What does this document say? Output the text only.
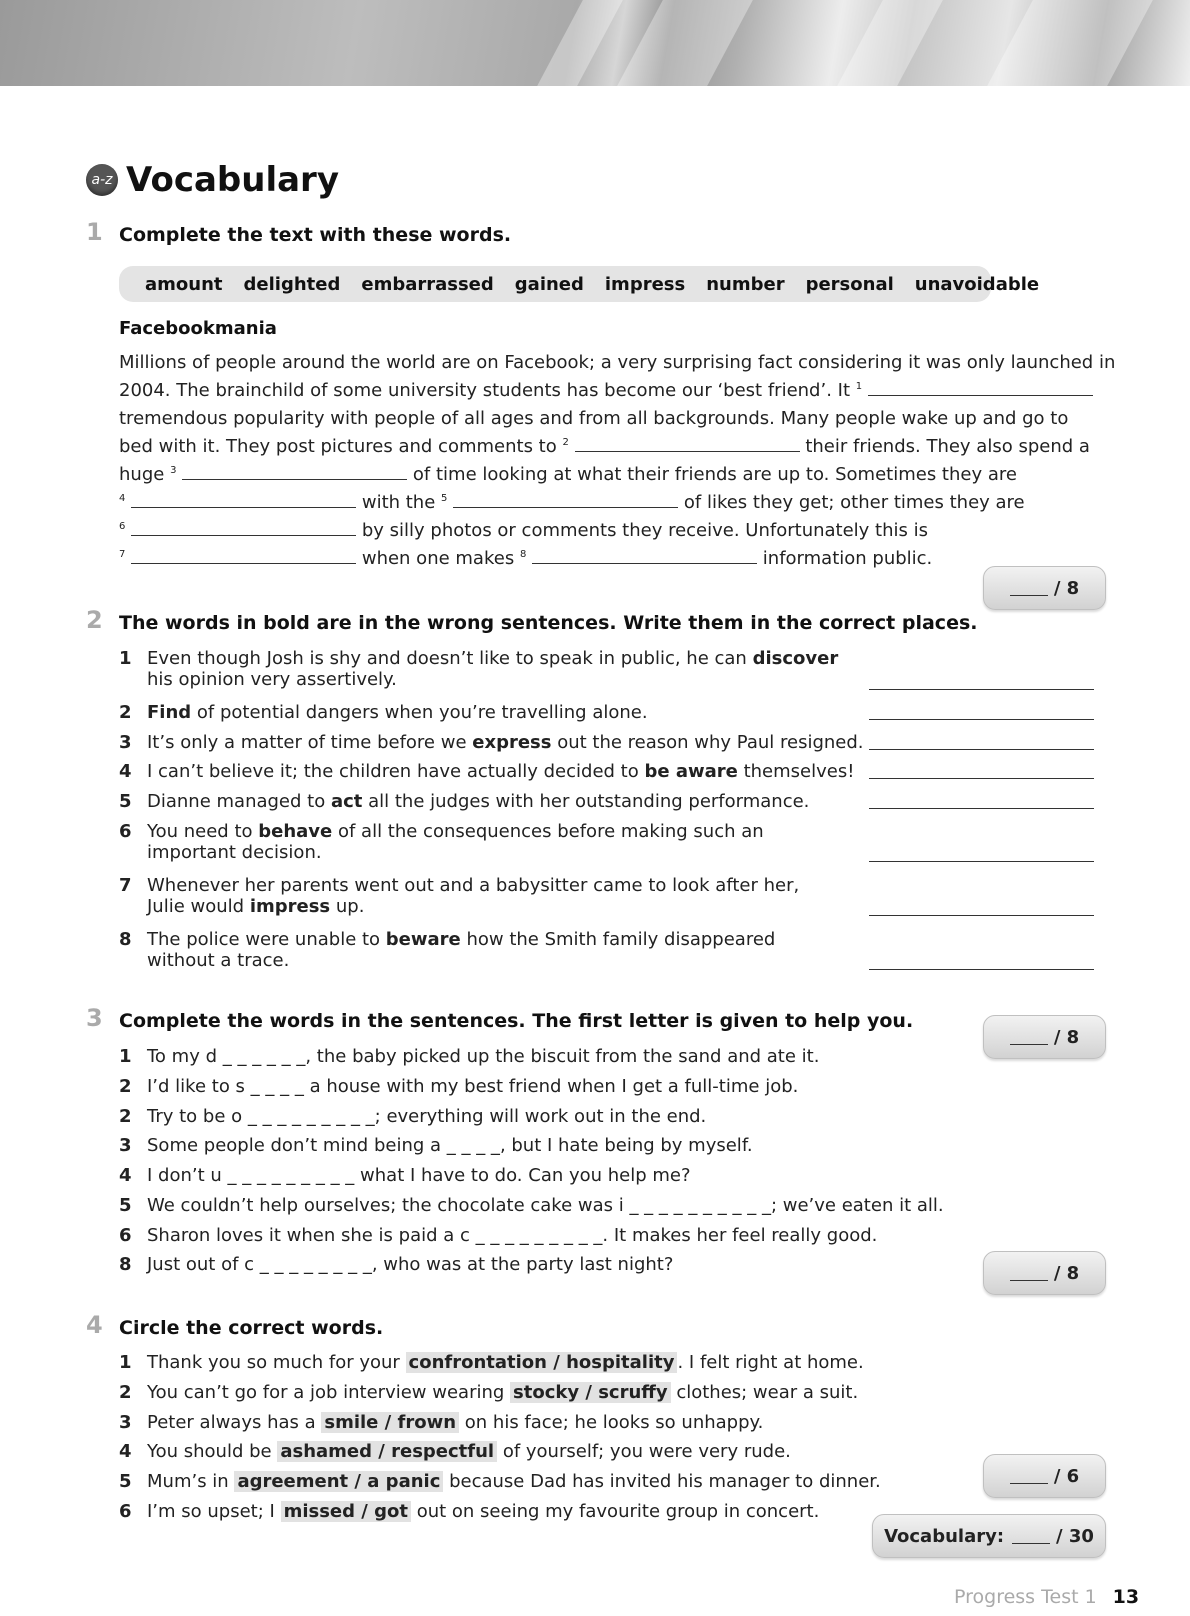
a-z Vocabulary
1 Complete the text with these words.
amount delighted embarrassed gained impress number personal unavoidable
Facebookmania
Millions of people around the world are on Facebook; a very surprising fact considering it was only launched in
2004. The brainchild of some university students has become our ‘best friend’. It $^1$
tremendous popularity with people of all ages and from all backgrounds. Many people wake up and go to
bed with it. They post pictures and comments to $^2$	their friends. They also spend a
huge $^3$	of time looking at what their friends are up to. Sometimes they are
$^4$	with the $^5$	of likes they get; other times they are
$^6$	by silly photos or comments they receive. Unfortunately this is
$^7$	when one makes $^8$	information public.
/ 8
2 The words in bold are in the wrong sentences. Write them in the correct places.
1 Even though Josh is shy and doesn’t like to speak in public, he can discover
his opinion very assertively.
2 Find of potential dangers when you’re travelling alone.
3 It’s only a matter of time before we express out the reason why Paul resigned.
4 I can’t believe it; the children have actually decided to be aware themselves!
5 Dianne managed to act all the judges with her outstanding performance.
6 You need to behave of all the consequences before making such an
important decision.
7 Whenever her parents went out and a babysitter came to look after her,
Julie would impress up.
8 The police were unable to beware how the Smith family disappeared
without a trace.
3 Complete the words in the sentences. The first letter is given to help you.
/ 8
1 To my d _ _ _ _ _ _, the baby picked up the biscuit from the sand and ate it.
2 I’d like to s _ _ _ _ a house with my best friend when I get a full-time job.
2 Try to be o _ _ _ _ _ _ _ _ _; everything will work out in the end.
3 Some people don’t mind being a _ _ _ _, but I hate being by myself.
4 I don’t u _ _ _ _ _ _ _ _ _ what I have to do. Can you help me?
5 We couldn’t help ourselves; the chocolate cake was i _ _ _ _ _ _ _ _ _ _; we’ve eaten it all.
6 Sharon loves it when she is paid a c _ _ _ _ _ _ _ _ _. It makes her feel really good.
8 Just out of c _ _ _ _ _ _ _ _, who was at the party last night?	/ 8
4 Circle the correct words.
1 Thank you so much for your confrontation / hospitality . I felt right at home.
2 You can’t go for a job interview wearing stocky / scruffy clothes; wear a suit.
3 Peter always has a smile / frown on his face; he looks so unhappy.
4 You should be ashamed / respectful of yourself; you were very rude.
5 Mum’s in agreement / a panic because Dad has invited his manager to dinner.
6 I’m so upset; I missed / got out on seeing my favourite group in concert.
/ 6
Vocabulary:	/ 30
Progress Test 1 13
